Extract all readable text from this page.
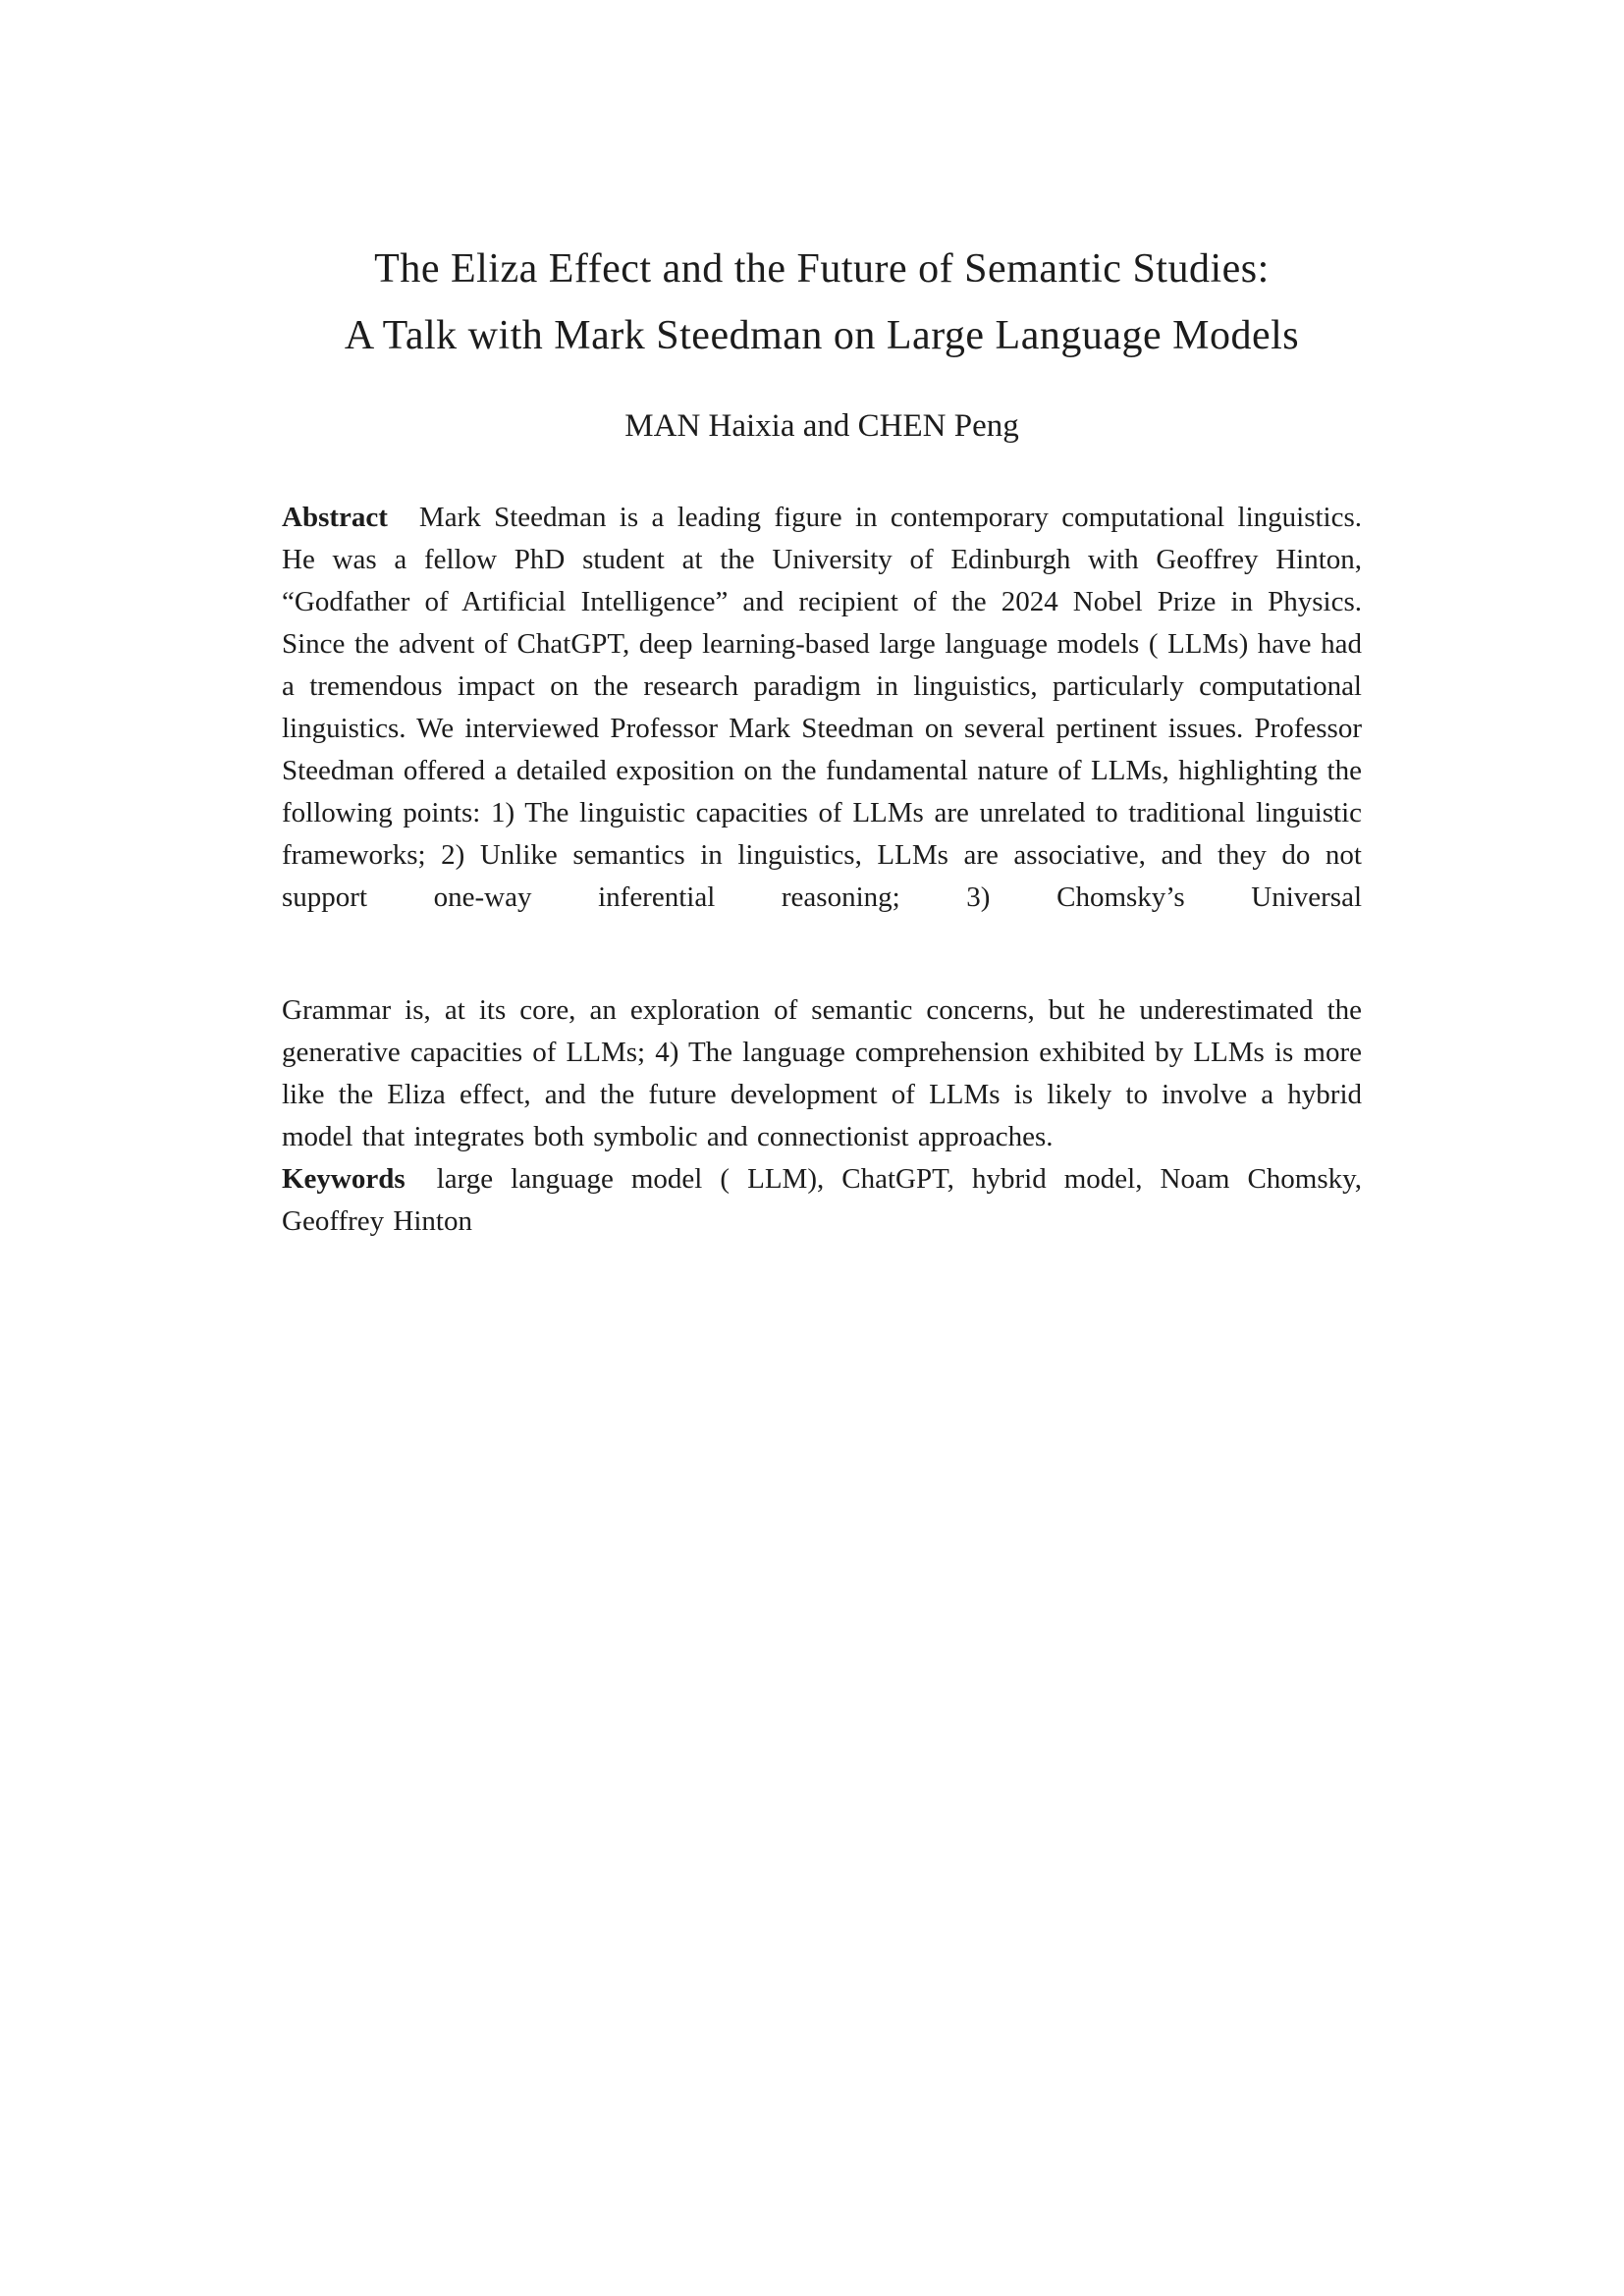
The Eliza Effect and the Future of Semantic Studies:
A Talk with Mark Steedman on Large Language Models
MAN Haixia and CHEN Peng

Abstract Mark Steedman is a leading figure in contemporary computational linguistics. He was a fellow PhD student at the University of Edinburgh with Geoffrey Hinton, “Godfather of Artificial Intelligence” and recipient of the 2024 Nobel Prize in Physics. Since the advent of ChatGPT, deep learning-based large language models ( LLMs) have had a tremendous impact on the research paradigm in linguistics, particularly computational linguistics. We interviewed Professor Mark Steedman on several pertinent issues. Professor Steedman offered a detailed exposition on the fundamental nature of LLMs, highlighting the following points: 1) The linguistic capacities of LLMs are unrelated to traditional linguistic frameworks; 2) Unlike semantics in linguistics, LLMs are associative, and they do not support one-way inferential reasoning; 3) Chomsky’s Universal

Grammar is, at its core, an exploration of semantic concerns, but he underestimated the generative capacities of LLMs; 4) The language comprehension exhibited by LLMs is more like the Eliza effect, and the future development of LLMs is likely to involve a hybrid model that integrates both symbolic and connectionist approaches.

Keywords large language model ( LLM), ChatGPT, hybrid model, Noam Chomsky, Geoffrey Hinton
